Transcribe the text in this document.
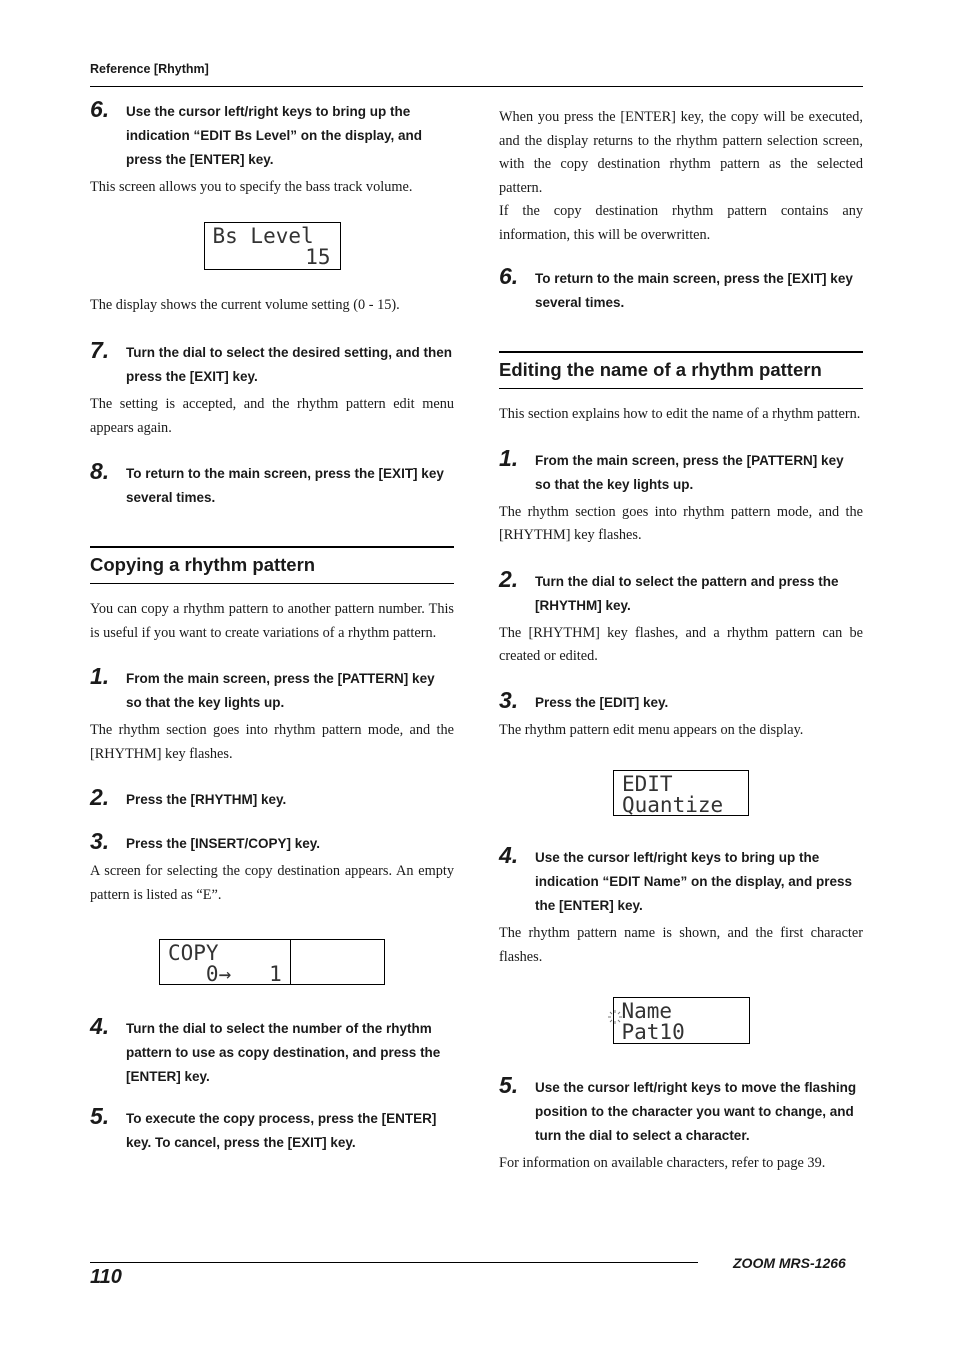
Reference [Rhythm]
6.	Use the cursor left/right keys to bring up the indication “EDIT Bs Level” on the display, and press the [ENTER] key.

This screen allows you to specify the bass track volume.

Bs Level
15

The display shows the current volume setting (0 - 15).

7.	Turn the dial to select the desired setting, and then press the [EXIT] key.

The setting is accepted, and the rhythm pattern edit menu appears again.

8.	To return to the main screen, press the [EXIT] key several times.
Copying a rhythm pattern

You can copy a rhythm pattern to another pattern number. This is useful if you want to create variations of a rhythm pattern.

1.	From the main screen, press the [PATTERN] key so that the key lights up.

The rhythm section goes into rhythm pattern mode, and the [RHYTHM] key flashes.

2.	Press the [RHYTHM] key.
3.	Press the [INSERT/COPY] key.

A screen for selecting the copy destination appears. An empty pattern is listed as “E”.

COPY
0→   1
4.	Turn the dial to select the number of the rhythm pattern to use as copy destination, and press the [ENTER] key.
5.	To execute the copy process, press the [ENTER] key. To cancel, press the [EXIT] key.

When you press the [ENTER] key, the copy will be executed, and the display returns to the rhythm pattern selection screen, with the copy destination rhythm pattern as the selected pattern.

If the copy destination rhythm pattern contains any information, this will be overwritten.

6.	To return to the main screen, press the [EXIT] key several times.
Editing the name of a rhythm pattern

This section explains how to edit the name of a rhythm pattern.

1.	From the main screen, press the [PATTERN] key so that the key lights up.

The rhythm section goes into rhythm pattern mode, and the [RHYTHM] key flashes.

2.	Turn the dial to select the pattern and press the [RHYTHM] key.

The [RHYTHM] key flashes, and a rhythm pattern can be created or edited.

3.	Press the [EDIT] key.

The rhythm pattern edit menu appears on the display.

EDIT
Quantize
4.	Use the cursor left/right keys to bring up the indication “EDIT Name” on the display, and press the [ENTER] key.

The rhythm pattern name is shown, and the first character flashes.

Name
Pat10
5.	Use the cursor left/right keys to move the flashing position to the character you want to change, and turn the dial to select a character.

For information on available characters, refer to page 39.

110
ZOOM MRS-1266
